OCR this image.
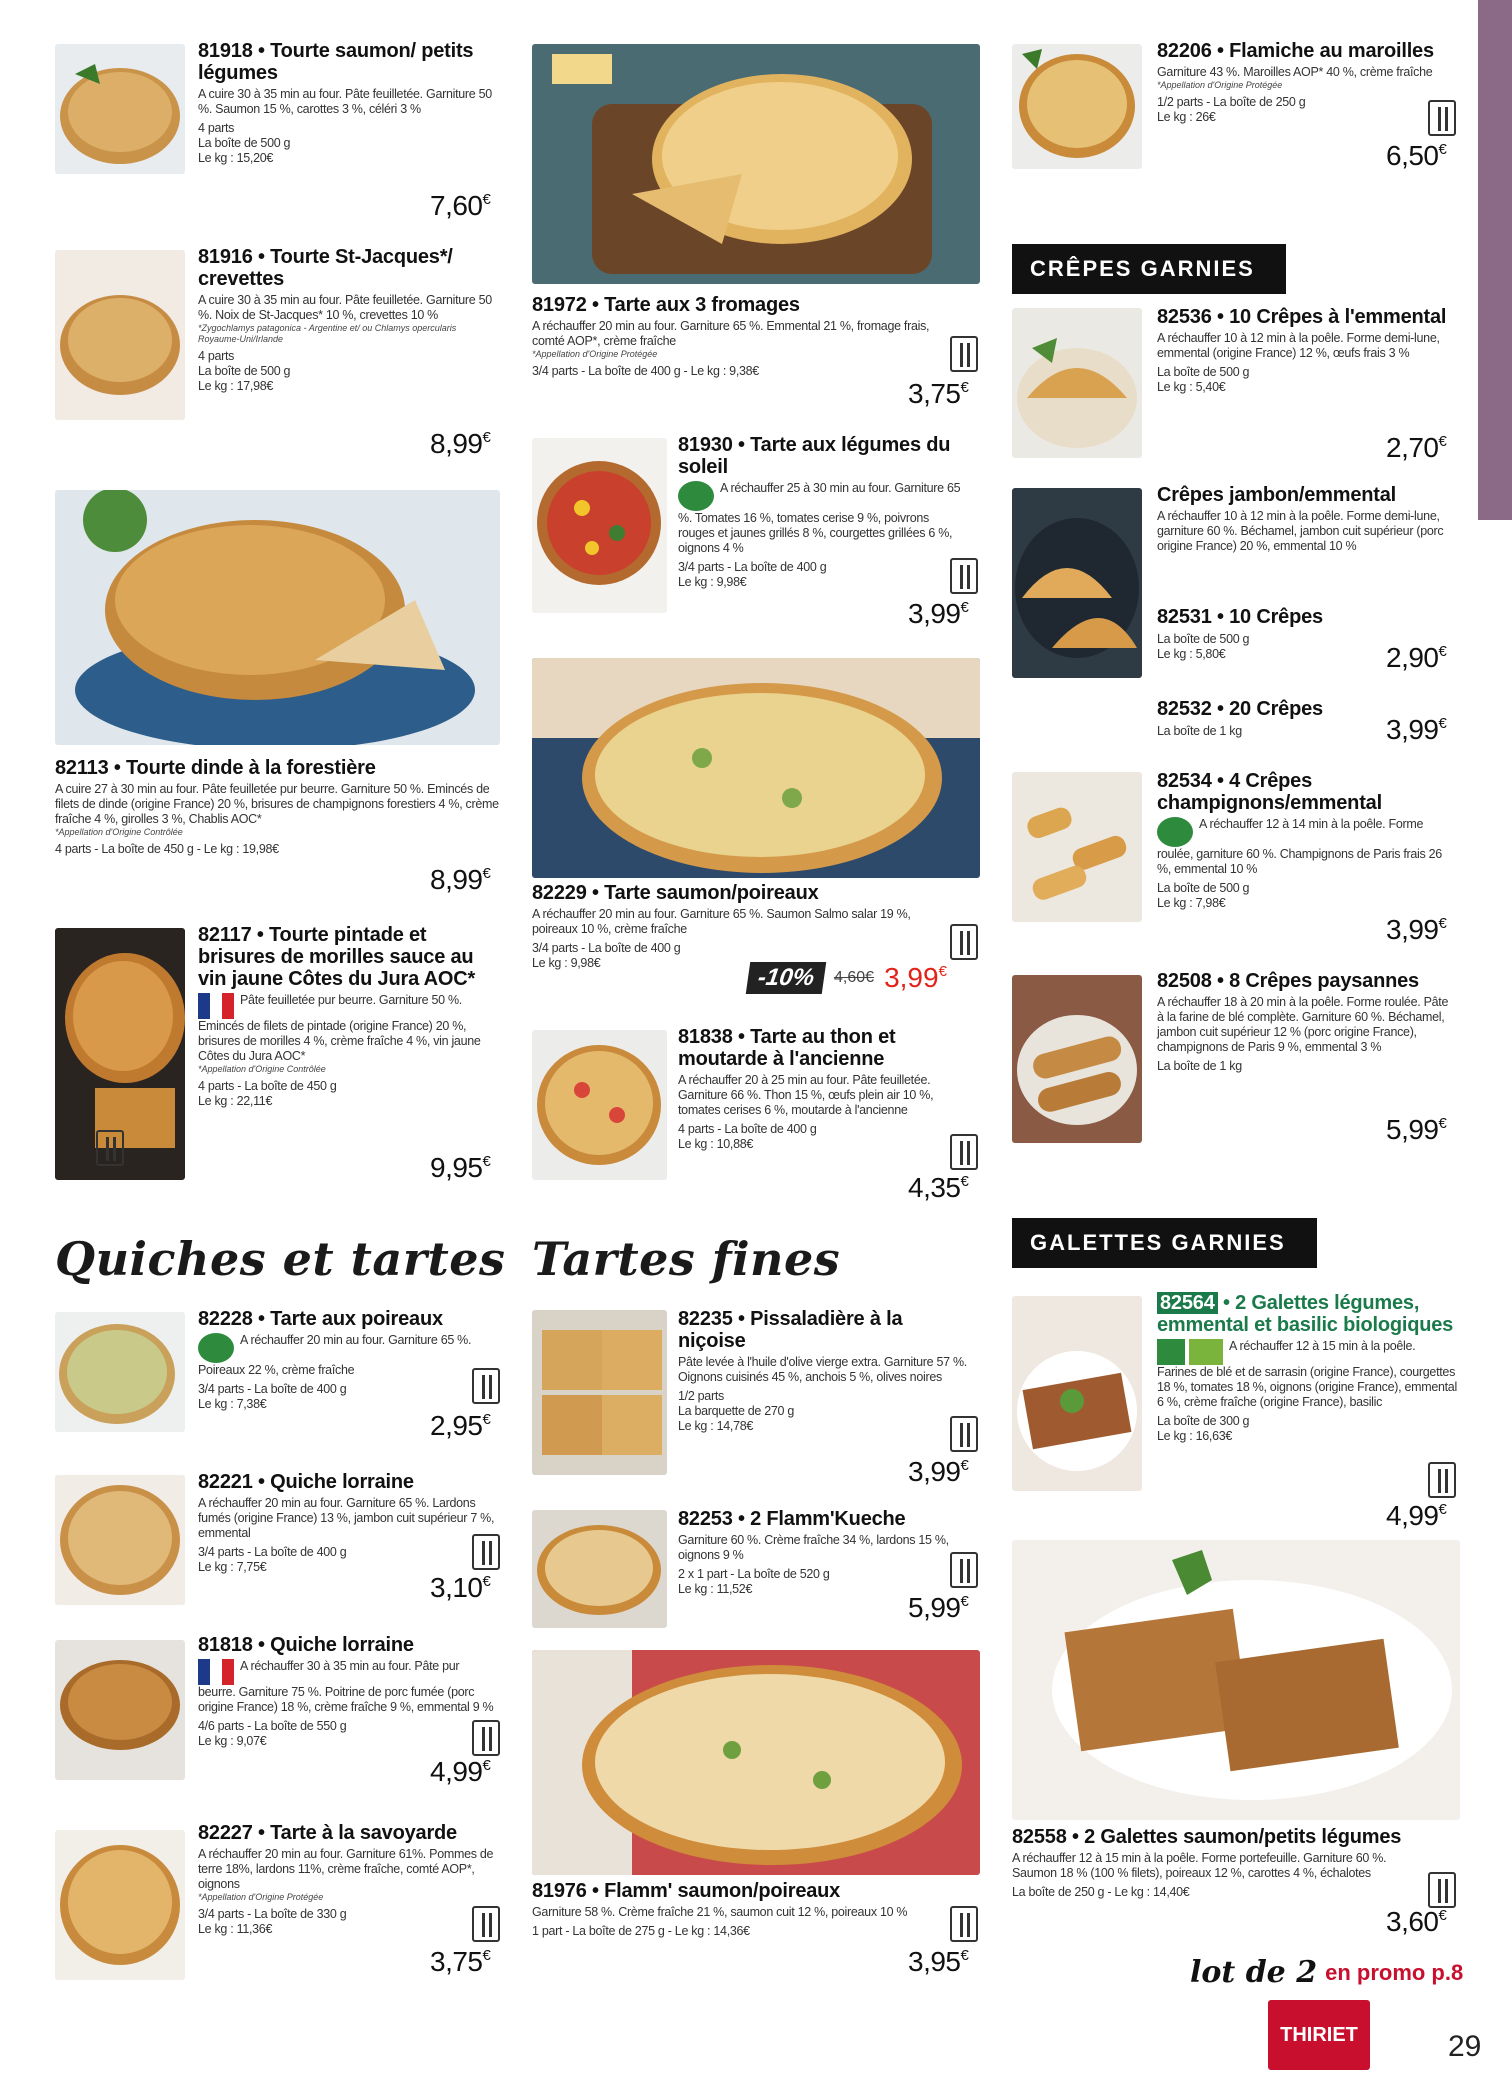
81918 • Tourte saumon/ petits légumes
A cuire 30 à 35 min au four. Pâte feuilletée. Garniture 50 %. Saumon 15 %, carottes 3 %, céléri 3 %
4 parts
La boîte de 500 g
Le kg : 15,20€
7,60€
81916 • Tourte St-Jacques*/ crevettes
A cuire 30 à 35 min au four. Pâte feuilletée. Garniture 50 %. Noix de St-Jacques* 10 %, crevettes 10 %
*Zygochlamys patagonica - Argentine et/ ou Chlamys opercularis Royaume-Uni/Irlande
4 parts
La boîte de 500 g
Le kg : 17,98€
8,99€
82113 • Tourte dinde à la forestière
A cuire 27 à 30 min au four. Pâte feuilletée pur beurre. Garniture 50 %. Emincés de filets de dinde (origine France) 20 %, brisures de champignons forestiers 4 %, crème fraîche 4 %, girolles 3 %, Chablis AOC*
*Appellation d'Origine Contrôlée
4 parts - La boîte de 450 g - Le kg : 19,98€
8,99€
82117 • Tourte pintade et brisures de morilles sauce au vin jaune Côtes du Jura AOC*
Pâte feuilletée pur beurre. Garniture 50 %. Emincés de filets de pintade (origine France) 20 %, brisures de morilles 4 %, crème fraîche 4 %, vin jaune Côtes du Jura AOC*
*Appellation d'Origine Contrôlée
4 parts - La boîte de 450 g
Le kg : 22,11€
9,95€
Quiches et tartes
82228 • Tarte aux poireaux
A réchauffer 20 min au four. Garniture 65 %. Poireaux 22 %, crème fraîche
3/4 parts - La boîte de 400 g
Le kg : 7,38€
2,95€
82221 • Quiche lorraine
A réchauffer 20 min au four. Garniture 65 %. Lardons fumés (origine France) 13 %, jambon cuit supérieur 7 %, emmental
3/4 parts - La boîte de 400 g
Le kg : 7,75€
3,10€
81818 • Quiche lorraine
A réchauffer 30 à 35 min au four. Pâte pur beurre. Garniture 75 %. Poitrine de porc fumée (porc origine France) 18 %, crème fraîche 9 %, emmental 9 %
4/6 parts - La boîte de 550 g
Le kg : 9,07€
4,99€
82227 • Tarte à la savoyarde
A réchauffer 20 min au four. Garniture 61%. Pommes de terre 18%, lardons 11%, crème fraîche, comté AOP*, oignons
*Appellation d'Origine Protégée
3/4 parts - La boîte de 330 g
Le kg : 11,36€
3,75€
81972 • Tarte aux 3 fromages
A réchauffer 20 min au four. Garniture 65 %. Emmental 21 %, fromage frais, comté AOP*, crème fraîche
*Appellation d'Origine Protégée
3/4 parts - La boîte de 400 g - Le kg : 9,38€
3,75€
81930 • Tarte aux légumes du soleil
A réchauffer 25 à 30 min au four. Garniture 65 %. Tomates 16 %, tomates cerise 9 %, poivrons rouges et jaunes grillés 8 %, courgettes grillées 6 %, oignons 4 %
3/4 parts - La boîte de 400 g
Le kg : 9,98€
3,99€
82229 • Tarte saumon/poireaux
A réchauffer 20 min au four. Garniture 65 %. Saumon Salmo salar 19 %, poireaux 10 %, crème fraîche
3/4 parts - La boîte de 400 g
Le kg : 9,98€
-10%	4,60€ 3,99€
81838 • Tarte au thon et moutarde à l'ancienne
A réchauffer 20 à 25 min au four. Pâte feuilletée. Garniture 66 %. Thon 15 %, œufs plein air 10 %, tomates cerises 6 %, moutarde à l'ancienne
4 parts - La boîte de 400 g
Le kg : 10,88€
4,35€
Tartes fines
82235 • Pissaladière à la niçoise
Pâte levée à l'huile d'olive vierge extra. Garniture 57 %. Oignons cuisinés 45 %, anchois 5 %, olives noires
1/2 parts
La barquette de 270 g
Le kg : 14,78€
3,99€
82253 • 2 Flamm'Kueche
Garniture 60 %. Crème fraîche 34 %, lardons 15 %, oignons 9 %
2 x 1 part - La boîte de 520 g
Le kg : 11,52€
5,99€
81976 • Flamm' saumon/poireaux
Garniture 58 %. Crème fraîche 21 %, saumon cuit 12 %, poireaux 10 %
1 part - La boîte de 275 g - Le kg : 14,36€
3,95€
82206 • Flamiche au maroilles
Garniture 43 %. Maroilles AOP* 40 %, crème fraîche
*Appellation d'Origine Protégée
1/2 parts - La boîte de 250 g
Le kg : 26€
6,50€
CRÊPES GARNIES
82536 • 10 Crêpes à l'emmental
A réchauffer 10 à 12 min à la poêle. Forme demi-lune, emmental (origine France) 12 %, œufs frais 3 %
La boîte de 500 g
Le kg : 5,40€
2,70€
Crêpes jambon/emmental
A réchauffer 10 à 12 min à la poêle. Forme demi-lune, garniture 60 %. Béchamel, jambon cuit supérieur (porc origine France) 20 %, emmental 10 %
82531 • 10 Crêpes
La boîte de 500 g
Le kg : 5,80€	2,90€
82532 • 20 Crêpes
La boîte de 1 kg	3,99€
82534 • 4 Crêpes champignons/emmental
A réchauffer 12 à 14 min à la poêle. Forme roulée, garniture 60 %. Champignons de Paris frais 26 %, emmental 10 %
La boîte de 500 g
Le kg : 7,98€
3,99€
82508 • 8 Crêpes paysannes
A réchauffer 18 à 20 min à la poêle. Forme roulée. Pâte à la farine de blé complète. Garniture 60 %. Béchamel, jambon cuit supérieur 12 % (porc origine France), champignons de Paris 9 %, emmental 3 %
La boîte de 1 kg
5,99€
GALETTES GARNIES
82564 • 2 Galettes légumes, emmental et basilic biologiques
A réchauffer 12 à 15 min à la poêle. Farines de blé et de sarrasin (origine France), courgettes 18 %, tomates 18 %, oignons (origine France), emmental 6 %, crème fraîche (origine France), basilic
La boîte de 300 g
Le kg : 16,63€
4,99€
82558 • 2 Galettes saumon/petits légumes
A réchauffer 12 à 15 min à la poêle. Forme portefeuille. Garniture 60 %. Saumon 18 % (100 % filets), poireaux 12 %, carottes 4 %, échalotes
La boîte de 250 g - Le kg : 14,40€
3,60€
lot de 2 en promo p.8
THIRIET	29
